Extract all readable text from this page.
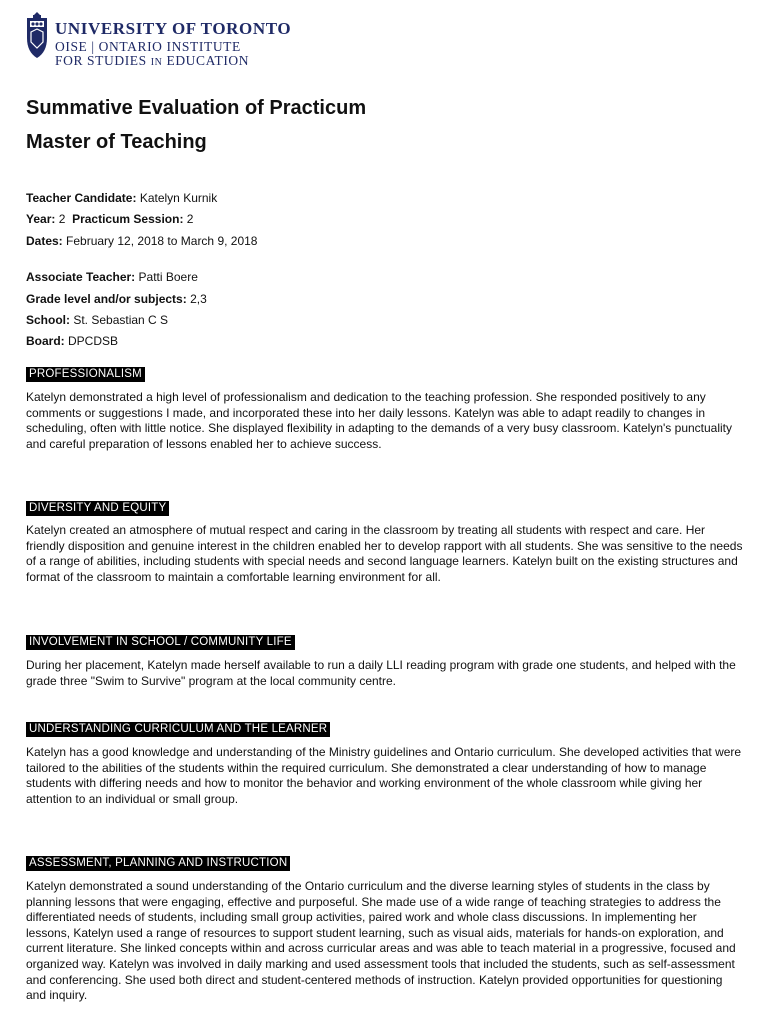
UNIVERSITY OF TORONTO
OISE | ONTARIO INSTITUTE
FOR STUDIES IN EDUCATION
Summative Evaluation of Practicum
Master of Teaching
Teacher Candidate: Katelyn Kurnik
Year: 2 Practicum Session: 2
Dates: February 12, 2018 to March 9, 2018
Associate Teacher: Patti Boere
Grade level and/or subjects: 2,3
School: St. Sebastian C S
Board: DPCDSB
PROFESSIONALISM

Katelyn demonstrated a high level of professionalism and dedication to the teaching profession. She responded positively to any comments or suggestions I made, and incorporated these into her daily lessons. Katelyn was able to adapt readily to changes in scheduling, often with little notice. She displayed flexibility in adapting to the demands of a very busy classroom. Katelyn's punctuality and careful preparation of lessons enabled her to achieve success.

DIVERSITY AND EQUITY

Katelyn created an atmosphere of mutual respect and caring in the classroom by treating all students with respect and care. Her friendly disposition and genuine interest in the children enabled her to develop rapport with all students. She was sensitive to the needs of a range of abilities, including students with special needs and second language learners. Katelyn built on the existing structures and format of the classroom to maintain a comfortable learning environment for all.

INVOLVEMENT IN SCHOOL / COMMUNITY LIFE

During her placement, Katelyn made herself available to run a daily LLI reading program with grade one students, and helped with the grade three "Swim to Survive" program at the local community centre.

UNDERSTANDING CURRICULUM AND THE LEARNER

Katelyn has a good knowledge and understanding of the Ministry guidelines and Ontario curriculum. She developed activities that were tailored to the abilities of the students within the required curriculum. She demonstrated a clear understanding of how to manage students with differing needs and how to monitor the behavior and working environment of the whole classroom while giving her attention to an individual or small group.

ASSESSMENT, PLANNING AND INSTRUCTION

Katelyn demonstrated a sound understanding of the Ontario curriculum and the diverse learning styles of students in the class by planning lessons that were engaging, effective and purposeful. She made use of a wide range of teaching strategies to address the differentiated needs of students, including small group activities, paired work and whole class discussions. In implementing her lessons, Katelyn used a range of resources to support student learning, such as visual aids, materials for hands-on exploration, and current literature. She linked concepts within and across curricular areas and was able to teach material in a progressive, focused and organized way. Katelyn was involved in daily marking and used assessment tools that included the students, such as self-assessment and conferencing. She used both direct and student-centered methods of instruction. Katelyn provided opportunities for questioning and inquiry.
